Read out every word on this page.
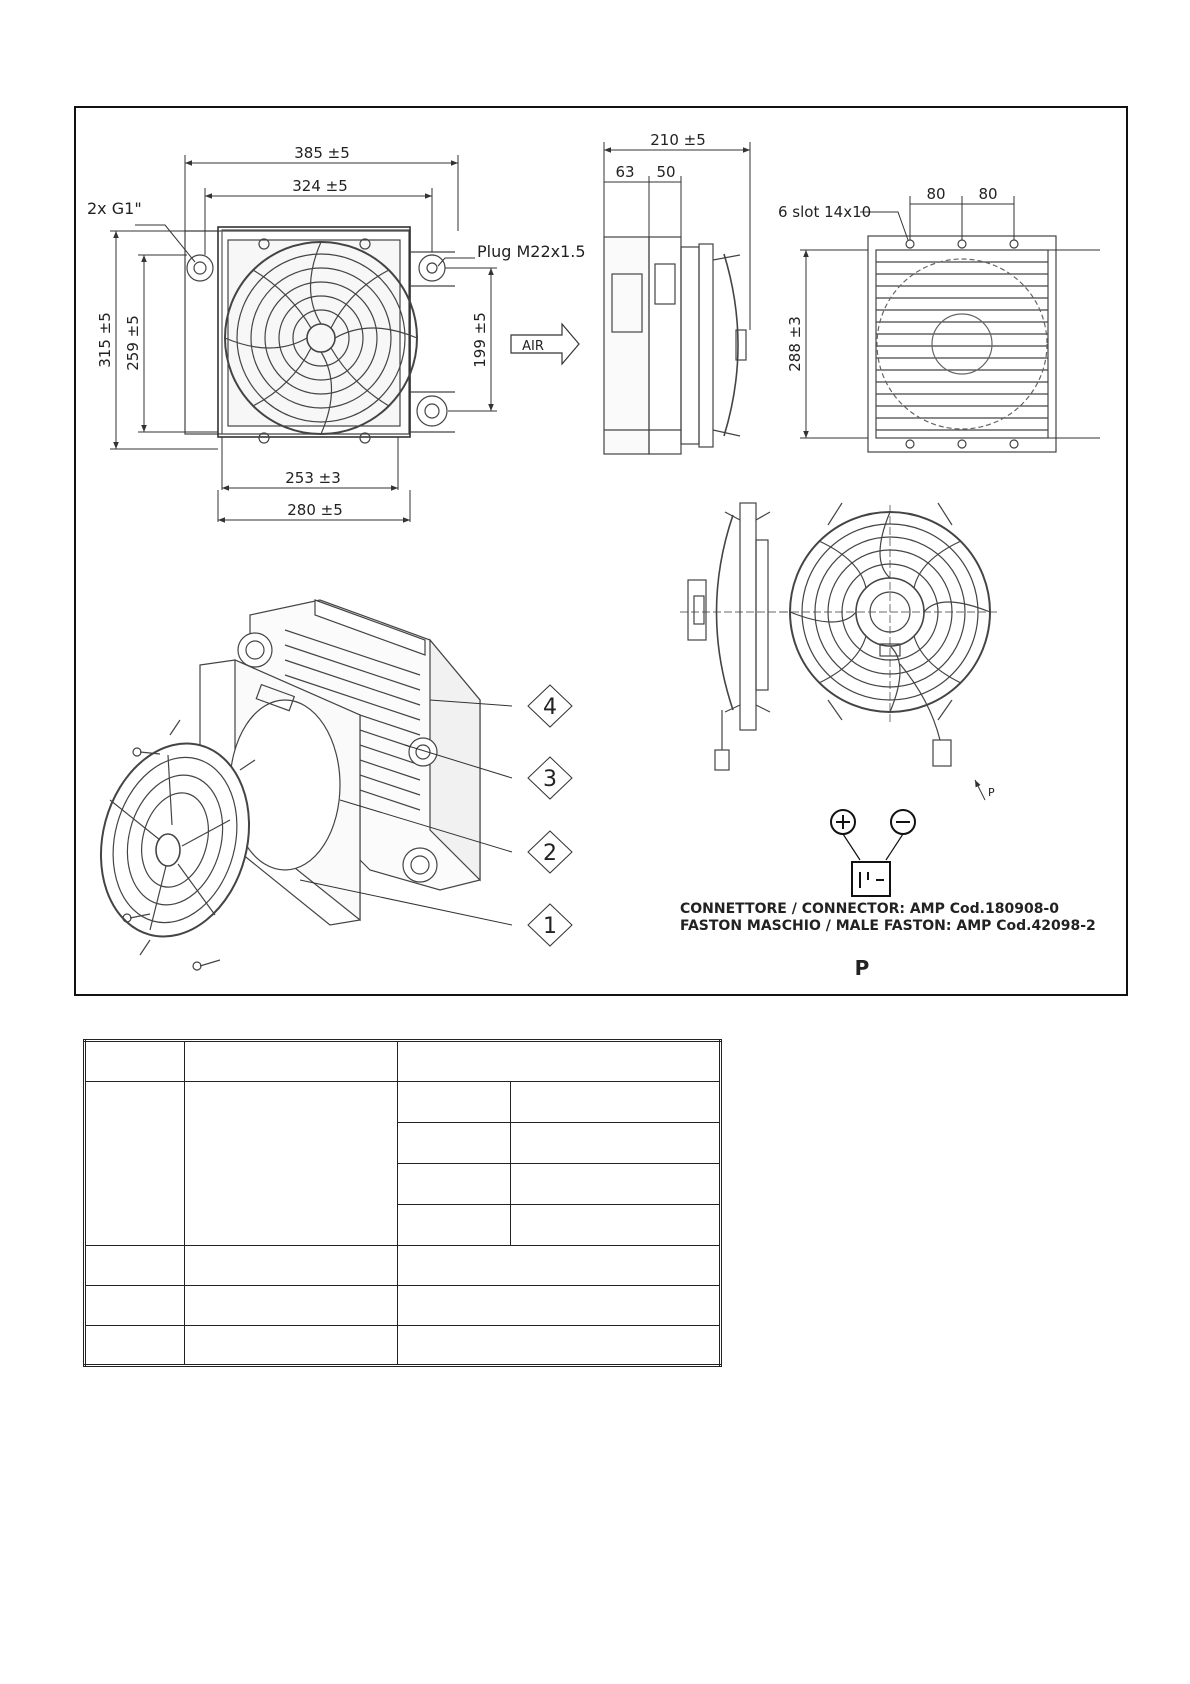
385 ±5
324 ±5
315 ±5 259 ±5	199 ±5
253 ±3
280 ±5
2x G1"
Plug M22x1.5
AIR
210 ±5
63 50
80 80
288 ±3
6 slot 14x10
P
CONNETTORE / CONNECTOR: AMP Cod.180908-0
FASTON MASCHIO / MALE FASTON: AMP Cod.42098-2
P
4
3
2
1
